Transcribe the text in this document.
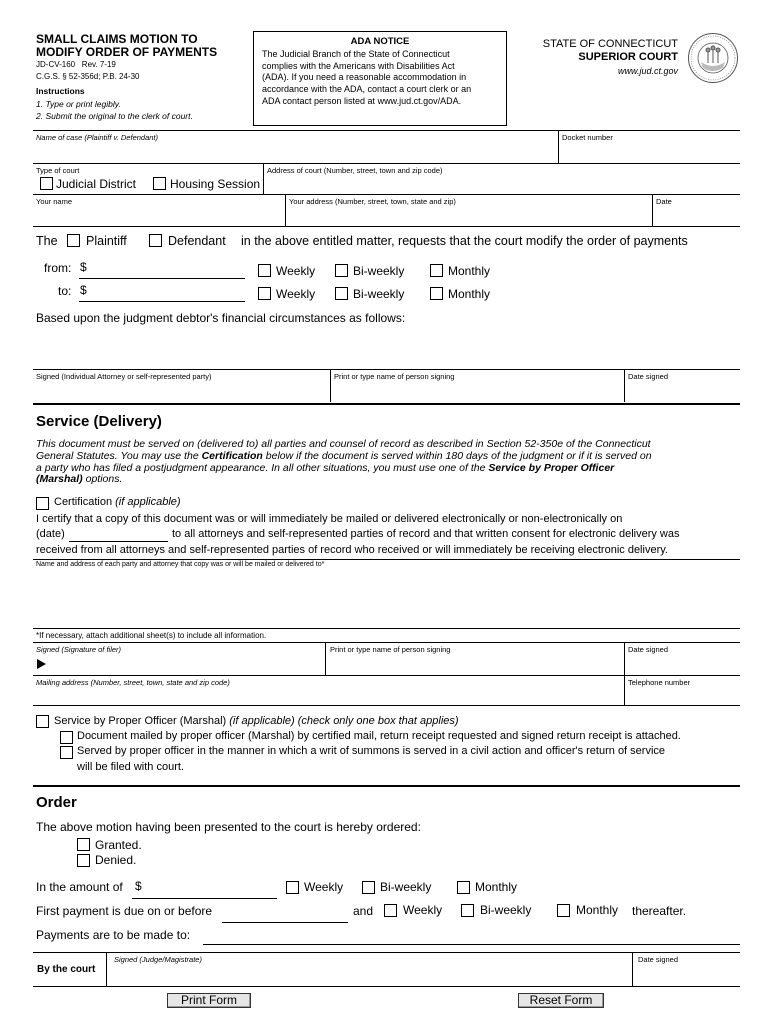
SMALL CLAIMS MOTION TO
MODIFY ORDER OF PAYMENTS
JD-CV-160   Rev. 7-19
C.G.S. § 52-356d; P.B. 24-30
Instructions
1. Type or print legibly.
2. Submit the original to the clerk of court.
ADA NOTICE
The Judicial Branch of the State of Connecticut
complies with the Americans with Disabilities Act
(ADA). If you need a reasonable accommodation in
accordance with the ADA, contact a court clerk or an
ADA contact person listed at www.jud.ct.gov/ADA.
STATE OF CONNECTICUT
SUPERIOR COURT
www.jud.ct.gov
Name of case (Plaintiff v. Defendant)	Docket number
Type of court
Judicial District	Housing Session
Address of court (Number, street, town and zip code)
Your name	Your address (Number, street, town, state and zip)	Date
The Plaintiff	Defendant in the above entitled matter, requests that the court modify the order of payments
from: $	Weekly	Bi-weekly	Monthly
to: $	Weekly	Bi-weekly	Monthly
Based upon the judgment debtor's financial circumstances as follows:
Signed (Individual Attorney or self-represented party)	Print or type name of person signing	Date signed
Service (Delivery)
This document must be served on (delivered to) all parties and counsel of record as described in Section 52-350e of the Connecticut
General Statutes. You may use the Certification below if the document is served within 180 days of the judgment or if it is served on
a party who has filed a postjudgment appearance. In all other situations, you must use one of the Service by Proper Officer
(Marshal) options.
Certification (if applicable)
I certify that a copy of this document was or will immediately be mailed or delivered electronically or non-electronically on
(date)	to all attorneys and self-represented parties of record and that written consent for electronic delivery was
received from all attorneys and self-represented parties of record who received or will immediately be receiving electronic delivery.
Name and address of each party and attorney that copy was or will be mailed or delivered to*
*If necessary, attach additional sheet(s) to include all information.
Signed (Signature of filer)	Print or type name of person signing	Date signed
Mailing address (Number, street, town, state and zip code)	Telephone number
Service by Proper Officer (Marshal) (if applicable) (check only one box that applies)
Document mailed by proper officer (Marshal) by certified mail, return receipt requested and signed return receipt is attached.
Served by proper officer in the manner in which a writ of summons is served in a civil action and officer's return of service
will be filed with court.
Order
The above motion having been presented to the court is hereby ordered:
Granted.
Denied.
In the amount of $	Weekly	Bi-weekly	Monthly
First payment is due on or before	and Weekly	Bi-weekly	Monthly thereafter.
Payments are to be made to:
By the court
Signed (Judge/Magistrate)	Date signed
Print Form	Reset Form
